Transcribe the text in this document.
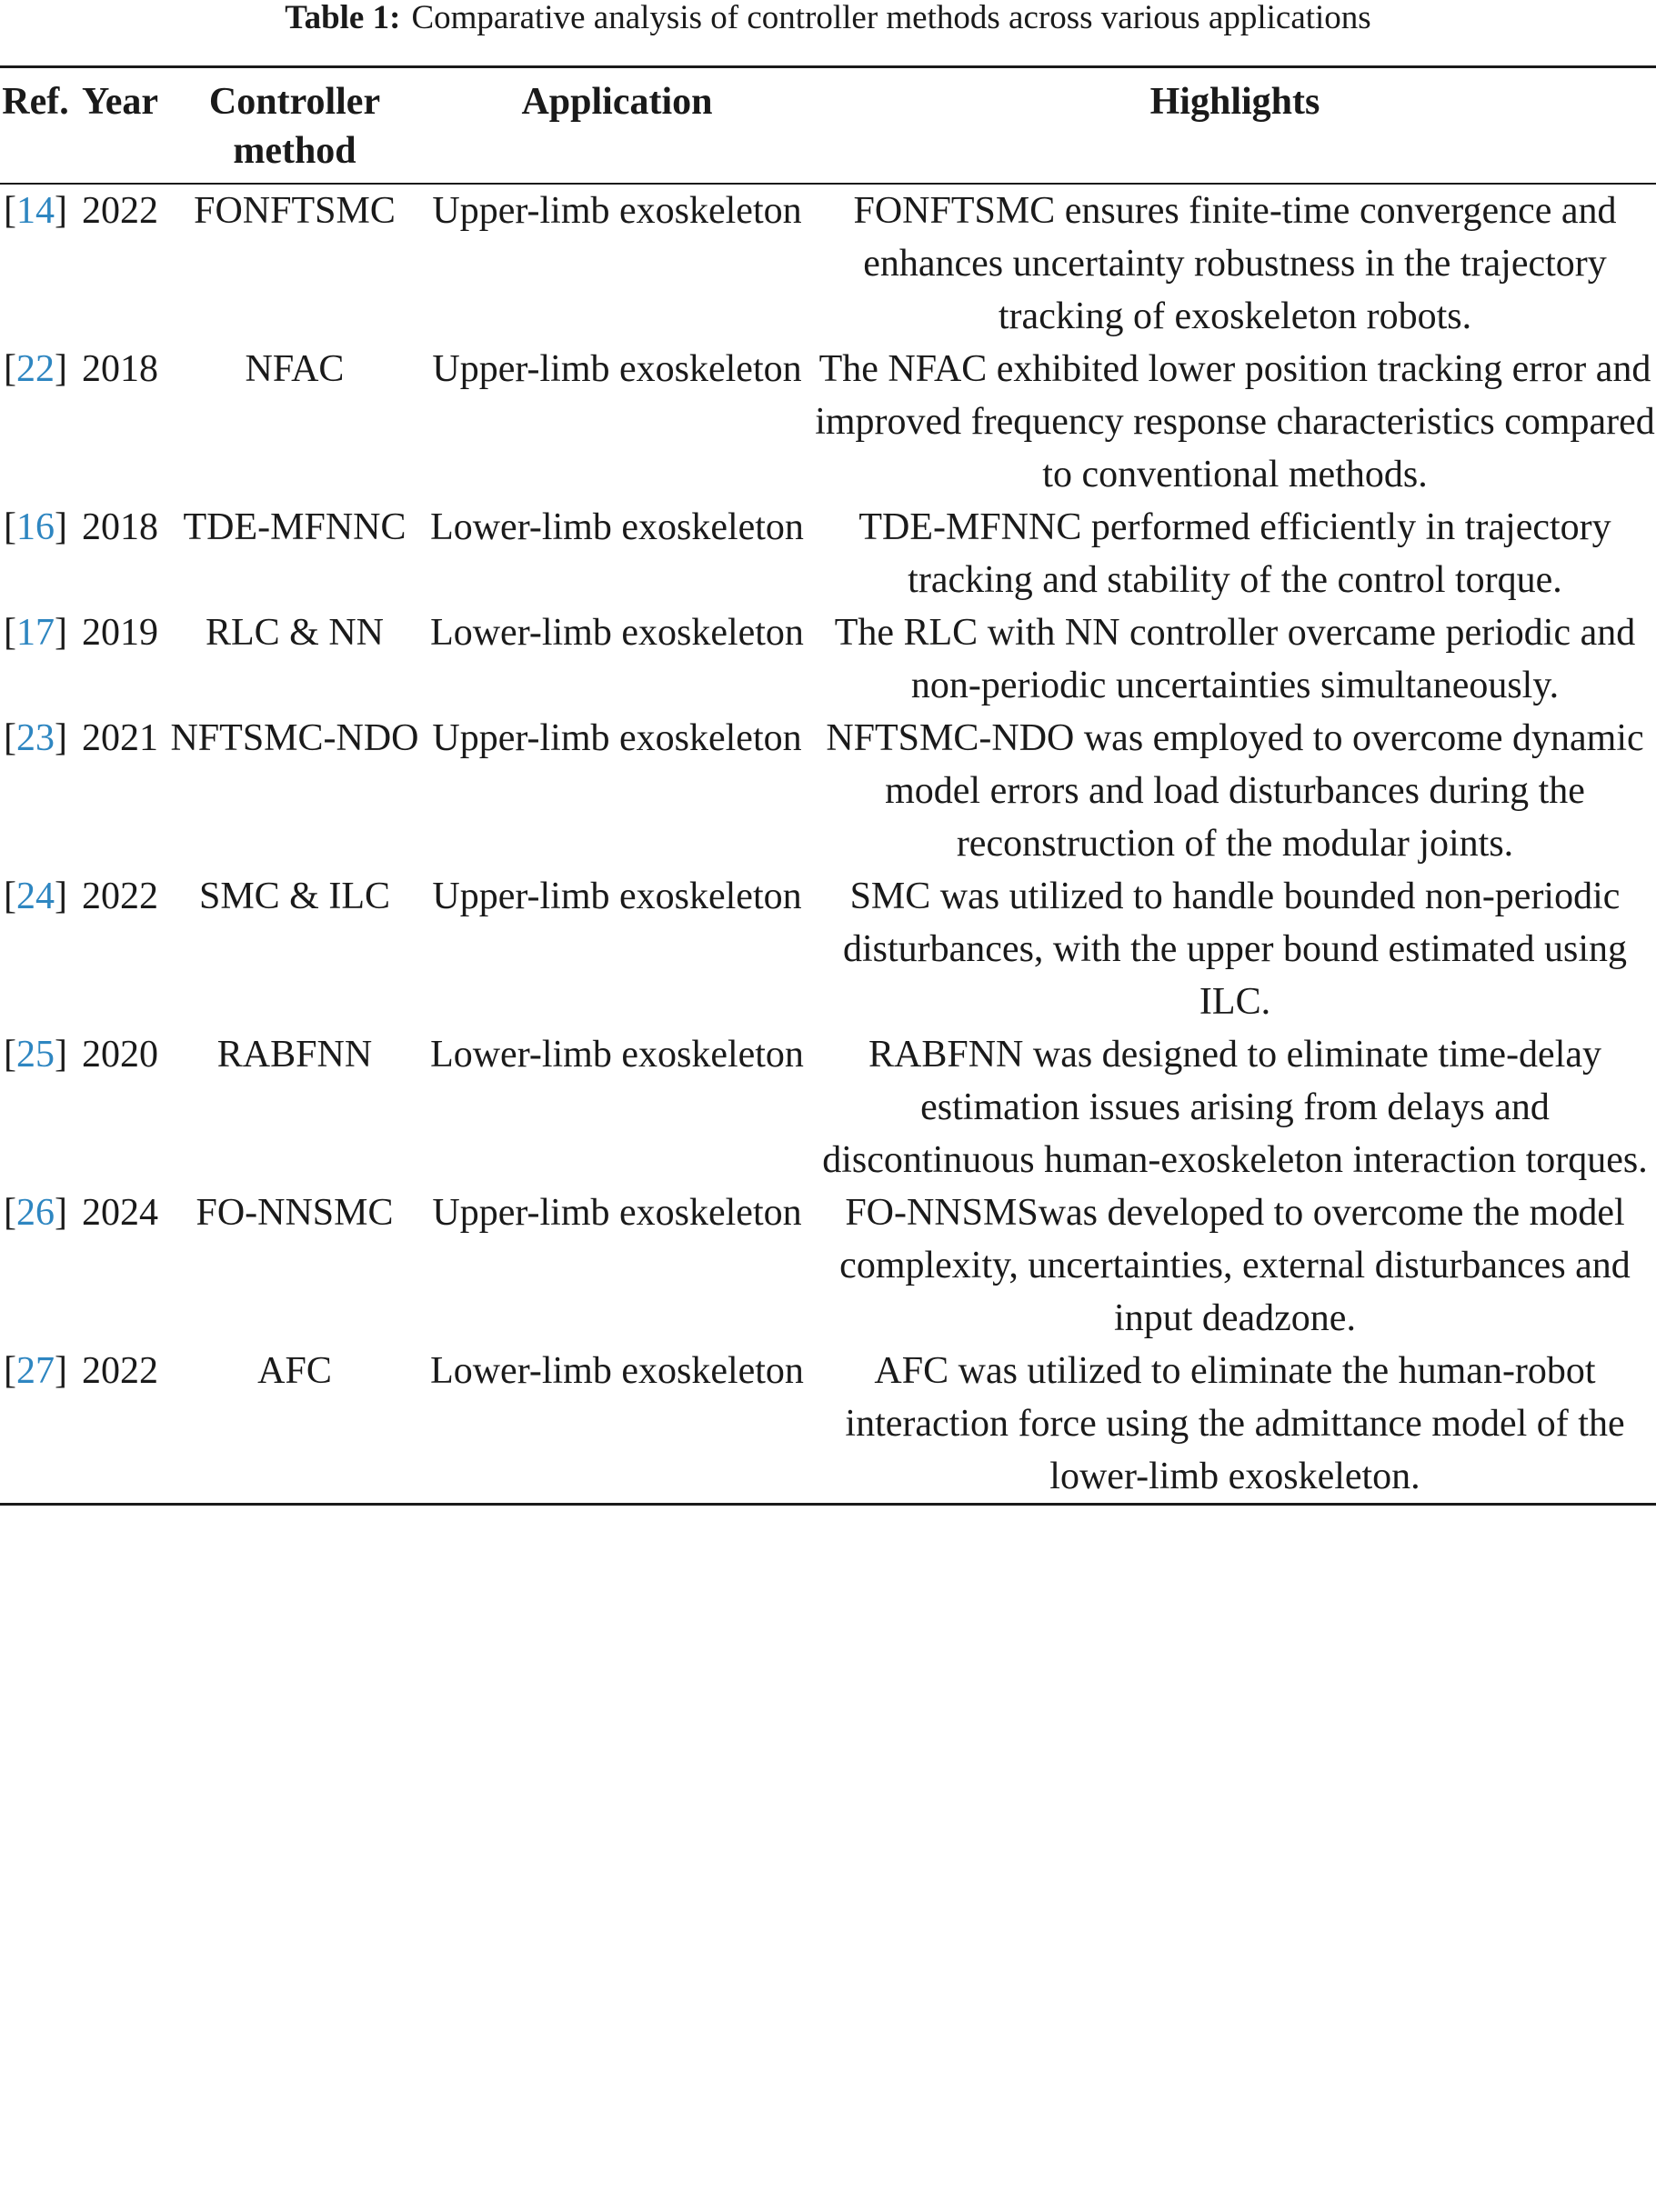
Table 1: Comparative analysis of controller methods across various applications
Ref.	Year	Controller method	Application	Highlights
[14]	2022	FONFTSMC	Upper-limb exoskeleton	FONFTSMC ensures finite-time convergence and enhances uncertainty robustness in the trajectory tracking of exoskeleton robots.
[22]	2018	NFAC	Upper-limb exoskeleton	The NFAC exhibited lower position tracking error and improved frequency response characteristics compared to conventional methods.
[16]	2018	TDE-MFNNC	Lower-limb exoskeleton	TDE-MFNNC performed efficiently in trajectory tracking and stability of the control torque.
[17]	2019	RLC & NN	Lower-limb exoskeleton	The RLC with NN controller overcame periodic and non-periodic uncertainties simultaneously.
[23]	2021	NFTSMC-NDO	Upper-limb exoskeleton	NFTSMC-NDO was employed to overcome dynamic model errors and load disturbances during the reconstruction of the modular joints.
[24]	2022	SMC & ILC	Upper-limb exoskeleton	SMC was utilized to handle bounded non-periodic disturbances, with the upper bound estimated using ILC.
[25]	2020	RABFNN	Lower-limb exoskeleton	RABFNN was designed to eliminate time-delay estimation issues arising from delays and discontinuous human-exoskeleton interaction torques.
[26]	2024	FO-NNSMC	Upper-limb exoskeleton	FO-NNSMSwas developed to overcome the model complexity, uncertainties, external disturbances and input deadzone.
[27]	2022	AFC	Lower-limb exoskeleton	AFC was utilized to eliminate the human-robot interaction force using the admittance model of the lower-limb exoskeleton.
